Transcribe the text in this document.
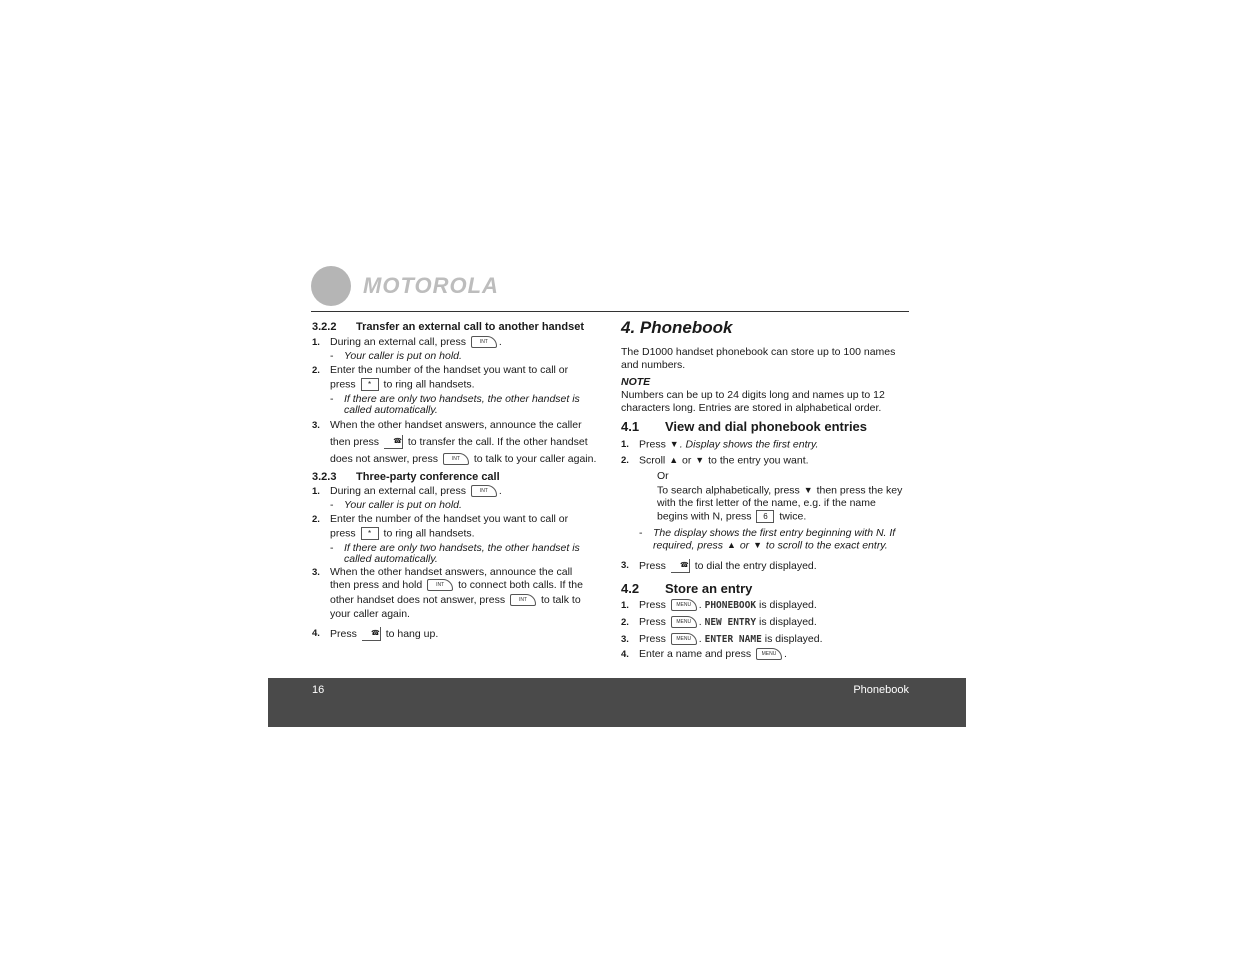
MOTOROLA
3.2.2 Transfer an external call to another handset
1. During an external call, press	INT .
- Your caller is put on hold.
2. Enter the number of the handset you want to call or
press * to ring all handsets.
- If there are only two handsets, the other handset is
called automatically.
3. When the other handset answers, announce the caller
then press ☎ to transfer the call. If the other handset
does not answer, press	INT to talk to your caller again.
3.2.3 Three-party conference call
1. During an external call, press	INT .
- Your caller is put on hold.
2. Enter the number of the handset you want to call or
press * to ring all handsets.
- If there are only two handsets, the other handset is
called automatically.
3. When the other handset answers, announce the call
then press and hold	INT to connect both calls. If the
other handset does not answer, press	INT to talk to
your caller again.
4. Press ☎ to hang up.
4. Phonebook
The D1000 handset phonebook can store up to 100 names
and numbers.
NOTE
Numbers can be up to 24 digits long and names up to 12
characters long. Entries are stored in alphabetical order.
4.1 View and dial phonebook entries
1. Press ▼. Display shows the first entry.
2. Scroll ▲ or ▼ to the entry you want.
Or
To search alphabetically, press ▼ then press the key
with the first letter of the name, e.g. if the name
begins with N, press 6 twice.
- The display shows the first entry beginning with N. If
required, press ▲ or ▼ to scroll to the exact entry.
3. Press ☎ to dial the entry displayed.
4.2 Store an entry
1. Press MENU . PHONEBOOK is displayed.
2. Press MENU . NEW ENTRY is displayed.
3. Press MENU . ENTER NAME is displayed.
4. Enter a name and press MENU .
16	Phonebook
